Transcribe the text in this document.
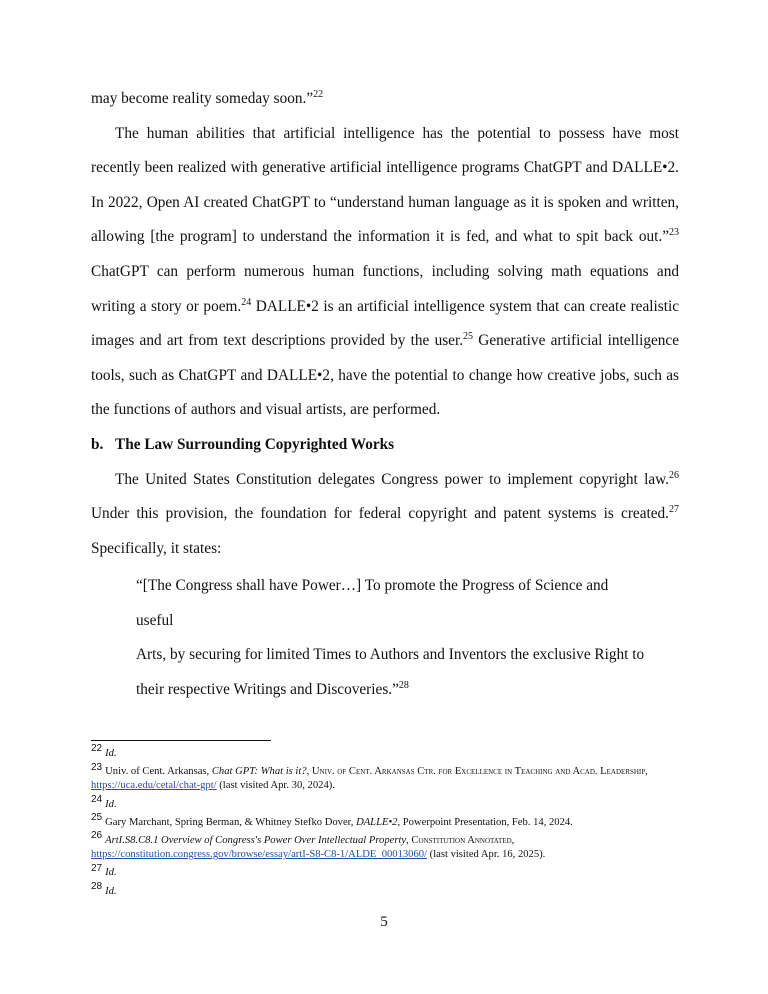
may become reality someday soon.”$^{22}$

The human abilities that artificial intelligence has the potential to possess have most recently been realized with generative artificial intelligence programs ChatGPT and DALLE•2. In 2022, Open AI created ChatGPT to “understand human language as it is spoken and written, allowing [the program] to understand the information it is fed, and what to spit back out.”$^{23}$ ChatGPT can perform numerous human functions, including solving math equations and writing a story or poem.$^{24}$ DALLE•2 is an artificial intelligence system that can create realistic images and art from text descriptions provided by the user.$^{25}$ Generative artificial intelligence tools, such as ChatGPT and DALLE•2, have the potential to change how creative jobs, such as the functions of authors and visual artists, are performed.

b. The Law Surrounding Copyrighted Works

The United States Constitution delegates Congress power to implement copyright law.$^{26}$ Under this provision, the foundation for federal copyright and patent systems is created.$^{27}$ Specifically, it states:

“[The Congress shall have Power…] To promote the Progress of Science and useful

Arts, by securing for limited Times to Authors and Inventors the exclusive Right to

their respective Writings and Discoveries.”$^{28}$

22 Id.

23 Univ. of Cent. Arkansas, Chat GPT: What is it?, Univ. of Cent. Arkansas Ctr. for Excellence in Teaching and Acad. Leadership, https://uca.edu/cetal/chat-gpt/ (last visited Apr. 30, 2024).

24 Id.

25 Gary Marchant, Spring Berman, & Whitney Stefko Dover, DALLE•2, Powerpoint Presentation, Feb. 14, 2024.

26 ArtI.S8.C8.1 Overview of Congress's Power Over Intellectual Property, Constitution Annotated,
https://constitution.congress.gov/browse/essay/artI-S8-C8-1/ALDE_00013060/ (last visited Apr. 16, 2025).

27 Id.

28 Id.

5
